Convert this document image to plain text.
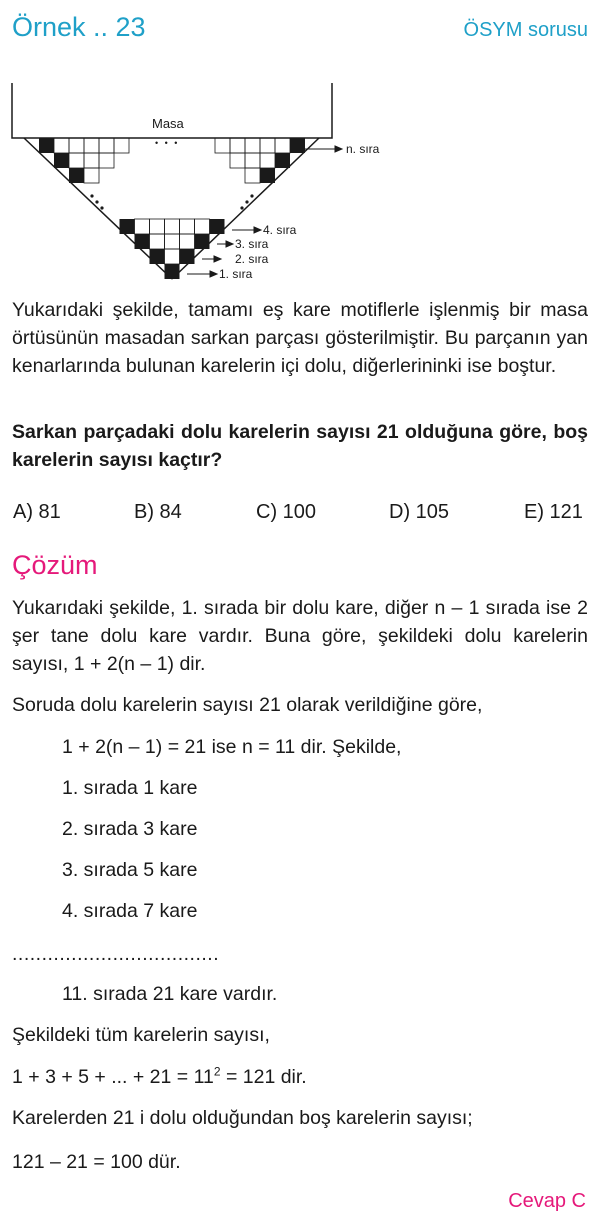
Örnek .. 23	ÖSYM sorusu
Masa
• • •	n. sıra
4. sıra
3. sıra
2. sıra
1. sıra
Yukarıdaki şekilde, tamamı eş kare motiflerle işlenmiş bir masa örtüsünün masadan sarkan parçası gösterilmiştir. Bu parçanın yan kenarlarında bulunan karelerin içi dolu, diğerlerininki ise boştur.
Sarkan parçadaki dolu karelerin sayısı 21 olduğuna göre, boş karelerin sayısı kaçtır?
A) 81	B) 84	C) 100	D) 105	E) 121
Çözüm
Yukarıdaki şekilde, 1. sırada bir dolu kare, diğer n – 1 sırada ise 2 şer tane dolu kare vardır. Buna göre, şekildeki dolu karelerin sayısı, 1 + 2(n – 1) dir.
Soruda dolu karelerin sayısı 21 olarak verildiğine göre,
1 + 2(n – 1) = 21 ise n = 11 dir. Şekilde,
1. sırada 1 kare
2. sırada 3 kare
3. sırada 5 kare
4. sırada 7 kare
...................................
11. sırada 21 kare vardır.
Şekildeki tüm karelerin sayısı,
1 + 3 + 5 + ... + $21 = 11^2 = 121$ dir.
Karelerden 21 i dolu olduğundan boş karelerin sayısı;
121 – 21 = 100 dür.
Cevap C
